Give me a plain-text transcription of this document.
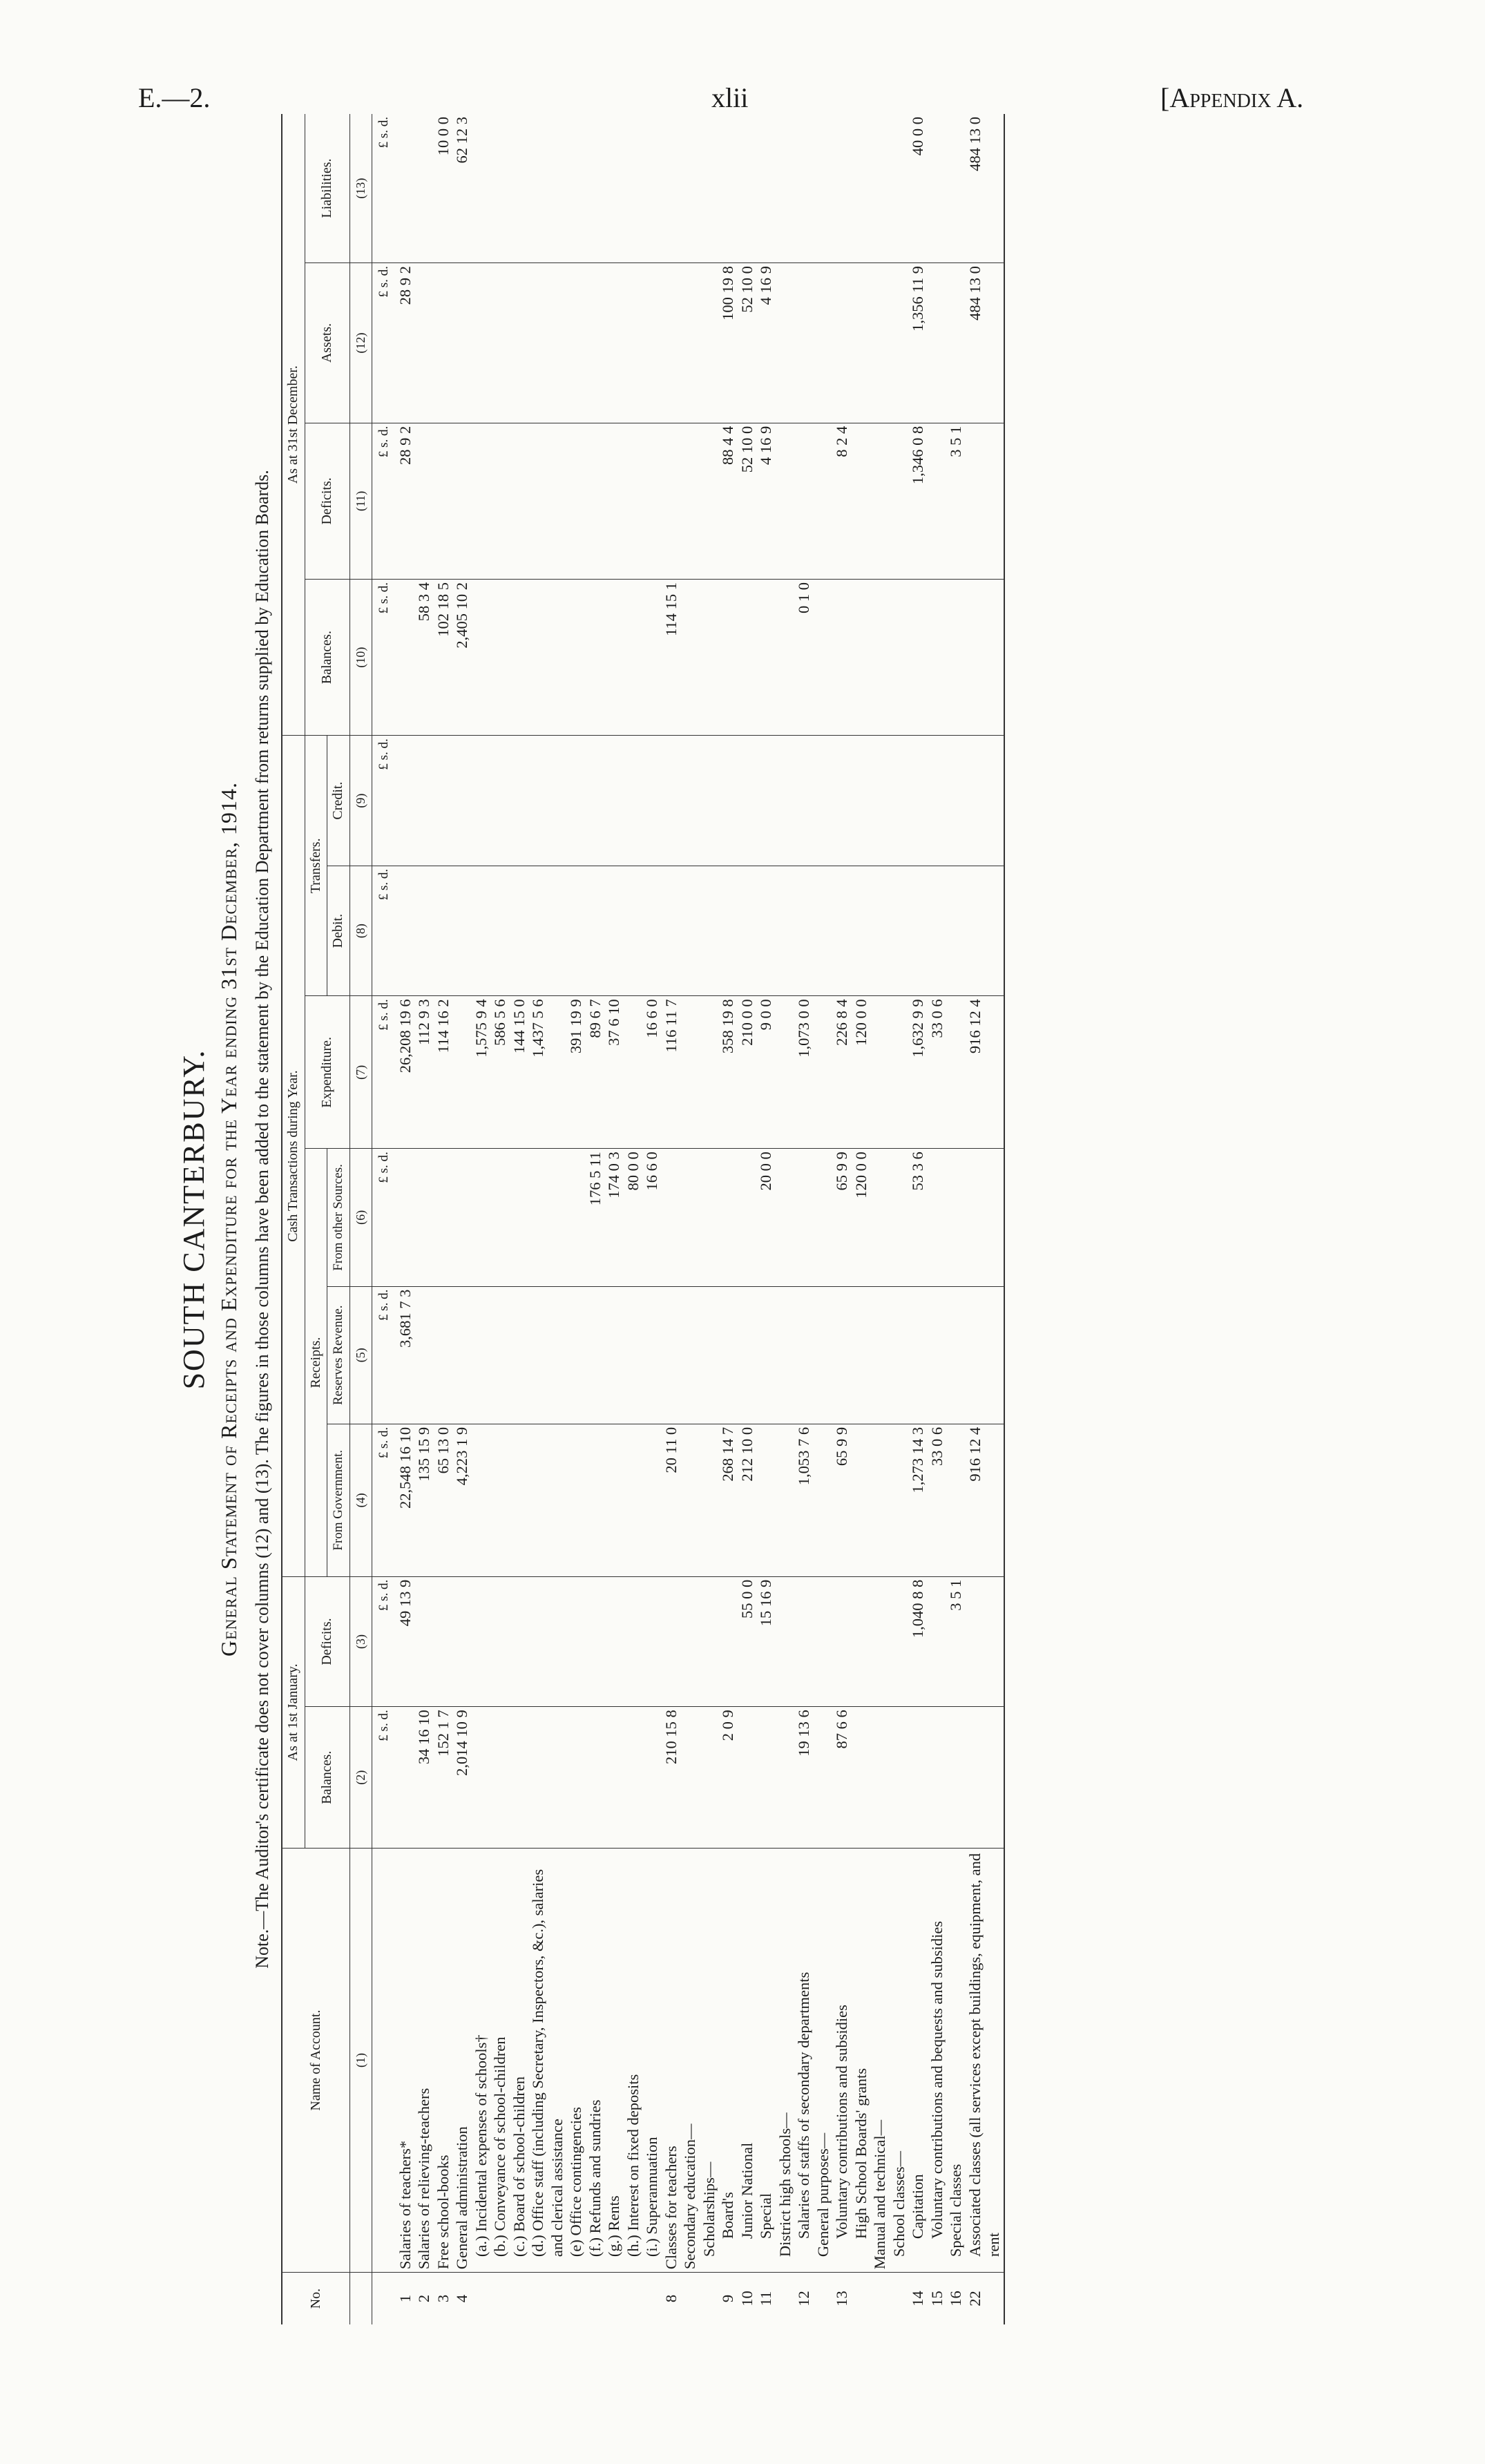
E.—2.	xlii	[Appendix A.
SOUTH CANTERBURY. General Statement of Receipts and Expenditure for the Year ending 31st December, 1914. Note.—The Auditor's certificate does not cover columns (12) and (13). The figures in those columns have been added to the statement by the Education Department from returns supplied by Education Boards.
No.	Name of Account.	As at 1st January.		Cash Transactions during Year.						As at 31st December.			
		Balances.	Deficits.	Receipts.			Expenditure.	Transfers.		Balances.	Deficits.	Assets.	Liabilities.
				From Government.	Reserves Revenue.	From other Sources.		Debit.	Credit.				
	(1)	(2)	(3)	(4)	(5)	(6)	(7)	(8)	(9)	(10)	(11)	(12)	(13)
		£ s. d.	£ s. d.	£ s. d.	£ s. d.	£ s. d.	£ s. d.	£ s. d.	£ s. d.	£ s. d.	£ s. d.	£ s. d.	£ s. d.
1	Salaries of teachers*		49 13 9	22,548 16 10	3,681 7 3		26,208 19 6				28 9 2	28 9 2	
2	Salaries of relieving-teachers	34 16 10		135 15 9			112 9 3			58 3 4			
3	Free school-books	152 1 7		65 13 0			114 16 2			102 18 5			10 0 0
4	General administration	2,014 10 9		4,223 1 9						2,405 10 2			62 12 3
	(a.) Incidental expenses of schools†						1,575 9 4						
	(b.) Conveyance of school-children						586 5 6						
	(c.) Board of school-children						144 15 0						
	(d.) Office staff (including Secretary, Inspectors, &c.), salaries and clerical assistance						1,437 5 6						
	(e) Office contingencies						391 19 9						
	(f.) Refunds and sundries					176 5 11	89 6 7						
	(g.) Rents					174 0 3	37 6 10						
	(h.) Interest on fixed deposits					80 0 0							
	(i.) Superannuation					16 6 0	16 6 0						
8	Classes for teachers	210 15 8		20 11 0			116 11 7			114 15 1			
	Secondary education—												
	Scholarships—												
9	Board's	2 0 9		268 14 7			358 19 8				88 4 4	100 19 8	
10	Junior National		55 0 0	212 10 0			210 0 0				52 10 0	52 10 0	
11	Special		15 16 9			20 0 0	9 0 0				4 16 9	4 16 9	
	District high schools—												
12	Salaries of staffs of secondary departments	19 13 6		1,053 7 6			1,073 0 0			0 1 0			
	General purposes—												
13	Voluntary contributions and subsidies	87 6 6		65 9 9		65 9 9	226 8 4				8 2 4		
	High School Boards' grants					120 0 0	120 0 0						
	Manual and technical—												
	School classes—												
14	Capitation		1,040 8 8	1,273 14 3		53 3 6	1,632 9 9				1,346 0 8	1,356 11 9	40 0 0
15	Voluntary contributions and bequests and subsidies			33 0 6			33 0 6						
16	Special classes		3 5 1								3 5 1		
22	Associated classes (all services except buildings, equipment, and rent			916 12 4			916 12 4					484 13 0	484 13 0
